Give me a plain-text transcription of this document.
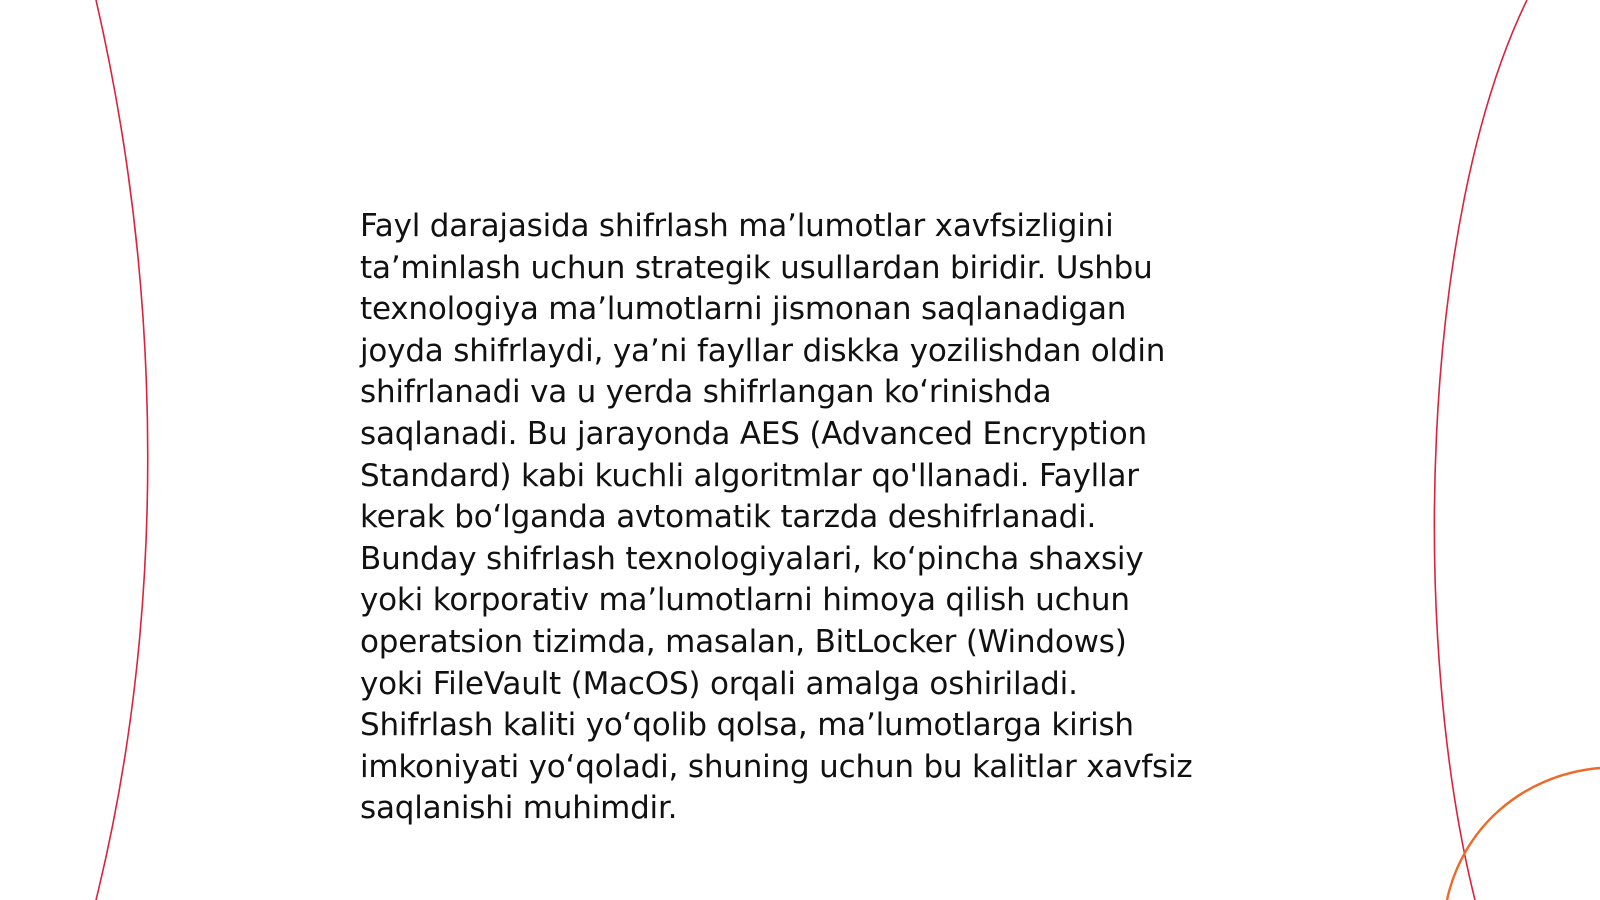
Fayl darajasida shifrlash maʼlumotlar xavfsizligini
taʼminlash uchun strategik usullardan biridir. Ushbu
texnologiya maʼlumotlarni jismonan saqlanadigan
joyda shifrlaydi, yaʼni fayllar diskka yozilishdan oldin
shifrlanadi va u yerda shifrlangan koʻrinishda
saqlanadi. Bu jarayonda AES (Advanced Encryption
Standard) kabi kuchli algoritmlar qo'llanadi. Fayllar
kerak boʻlganda avtomatik tarzda deshifrlanadi.
Bunday shifrlash texnologiyalari, koʻpincha shaxsiy
yoki korporativ maʼlumotlarni himoya qilish uchun
operatsion tizimda, masalan, BitLocker (Windows)
yoki FileVault (MacOS) orqali amalga oshiriladi.
Shifrlash kaliti yoʻqolib qolsa, maʼlumotlarga kirish
imkoniyati yoʻqoladi, shuning uchun bu kalitlar xavfsiz
saqlanishi muhimdir.
